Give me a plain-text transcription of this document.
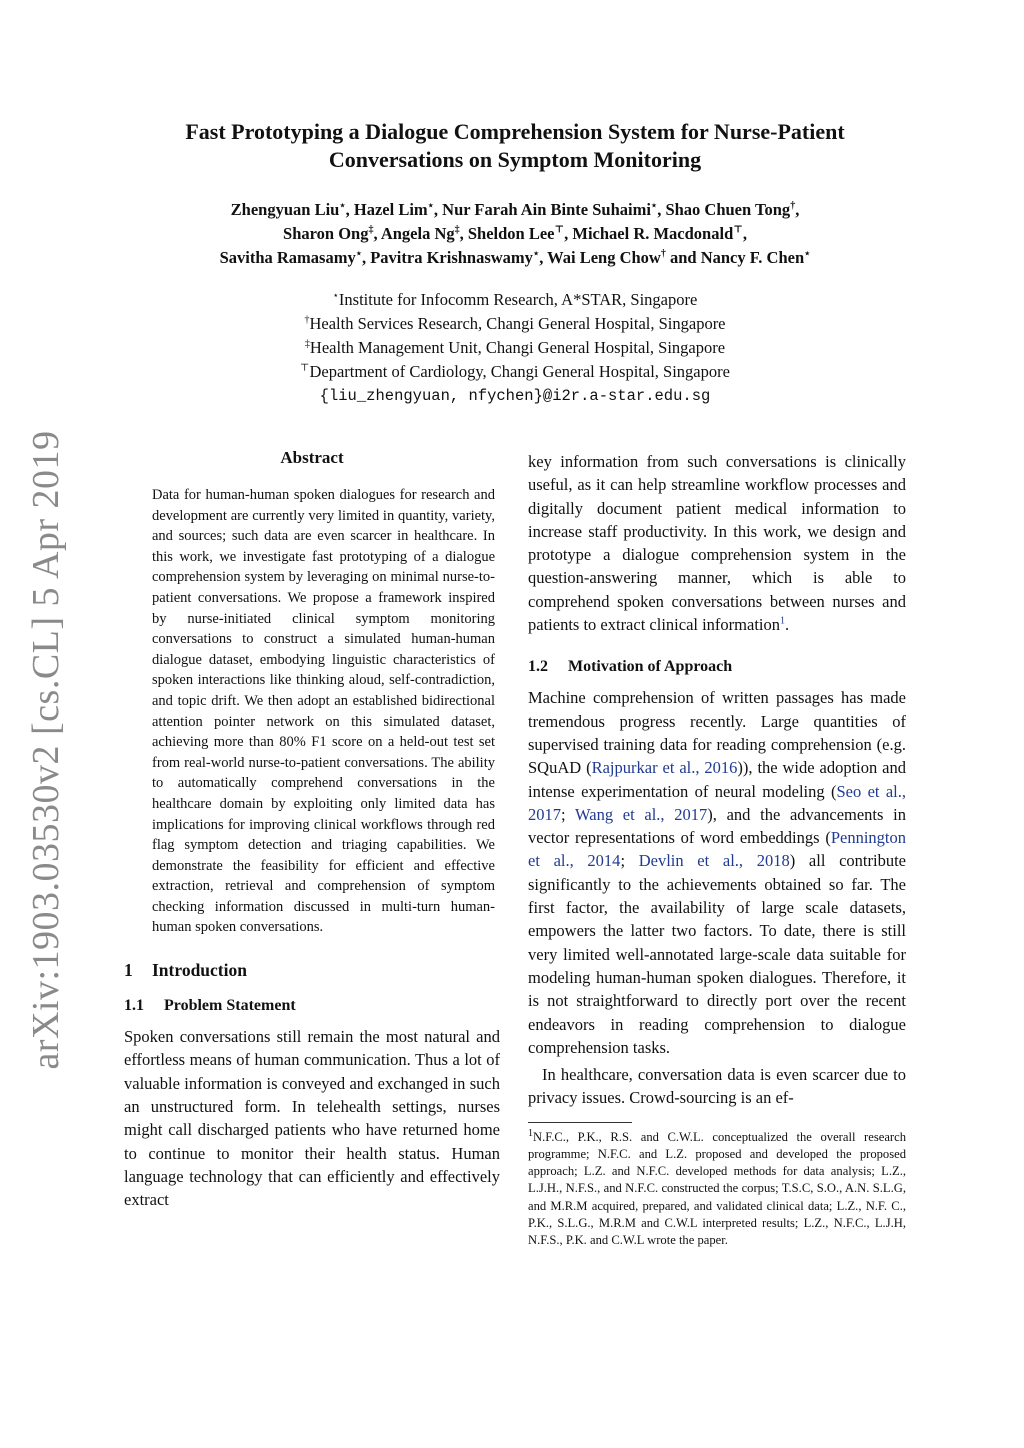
arXiv:1903.03530v2 [cs.CL] 5 Apr 2019
Fast Prototyping a Dialogue Comprehension System for Nurse-Patient
Conversations on Symptom Monitoring
Zhengyuan Liu⋆, Hazel Lim⋆, Nur Farah Ain Binte Suhaimi⋆, Shao Chuen Tong†,
Sharon Ong‡, Angela Ng‡, Sheldon Lee⊤, Michael R. Macdonald⊤,
Savitha Ramasamy⋆, Pavitra Krishnaswamy⋆, Wai Leng Chow† and Nancy F. Chen⋆
⋆Institute for Infocomm Research, A*STAR, Singapore
†Health Services Research, Changi General Hospital, Singapore
‡Health Management Unit, Changi General Hospital, Singapore
⊤Department of Cardiology, Changi General Hospital, Singapore
{liu_zhengyuan, nfychen}@i2r.a-star.edu.sg
Abstract

Data for human-human spoken dialogues for research and development are currently very limited in quantity, variety, and sources; such data are even scarcer in healthcare. In this work, we investigate fast prototyping of a dialogue comprehension system by leveraging on minimal nurse-to-patient conversations. We propose a framework inspired by nurse-initiated clinical symptom monitoring conversations to construct a simulated human-human dialogue dataset, embodying linguistic characteristics of spoken interactions like thinking aloud, self-contradiction, and topic drift. We then adopt an established bidirectional attention pointer network on this simulated dataset, achieving more than 80% F1 score on a held-out test set from real-world nurse-to-patient conversations. The ability to automatically comprehend conversations in the healthcare domain by exploiting only limited data has implications for improving clinical workflows through red flag symptom detection and triaging capabilities. We demonstrate the feasibility for efficient and effective extraction, retrieval and comprehension of symptom checking information discussed in multi-turn human-human spoken conversations.

1 Introduction
1.1 Problem Statement

Spoken conversations still remain the most natural and effortless means of human communication. Thus a lot of valuable information is conveyed and exchanged in such an unstructured form. In telehealth settings, nurses might call discharged patients who have returned home to continue to monitor their health status. Human language technology that can efficiently and effectively extract

key information from such conversations is clinically useful, as it can help streamline workflow processes and digitally document patient medical information to increase staff productivity. In this work, we design and prototype a dialogue comprehension system in the question-answering manner, which is able to comprehend spoken conversations between nurses and patients to extract clinical information$^1$.

1.2 Motivation of Approach

Machine comprehension of written passages has made tremendous progress recently. Large quantities of supervised training data for reading comprehension (e.g. SQuAD (Rajpurkar et al., 2016)), the wide adoption and intense experimentation of neural modeling (Seo et al., 2017; Wang et al., 2017), and the advancements in vector representations of word embeddings (Pennington et al., 2014; Devlin et al., 2018) all contribute significantly to the achievements obtained so far. The first factor, the availability of large scale datasets, empowers the latter two factors. To date, there is still very limited well-annotated large-scale data suitable for modeling human-human spoken dialogues. Therefore, it is not straightforward to directly port over the recent endeavors in reading comprehension to dialogue comprehension tasks.

In healthcare, conversation data is even scarcer due to privacy issues. Crowd-sourcing is an ef-

$^1$N.F.C., P.K., R.S. and C.W.L. conceptualized the overall research programme; N.F.C. and L.Z. proposed and developed the proposed approach; L.Z. and N.F.C. developed methods for data analysis; L.Z., L.J.H., N.F.S., and N.F.C. constructed the corpus; T.S.C, S.O., A.N. S.L.G, and M.R.M acquired, prepared, and validated clinical data; L.Z., N.F. C., P.K., S.L.G., M.R.M and C.W.L interpreted results; L.Z., N.F.C., L.J.H, N.F.S., P.K. and C.W.L wrote the paper.
